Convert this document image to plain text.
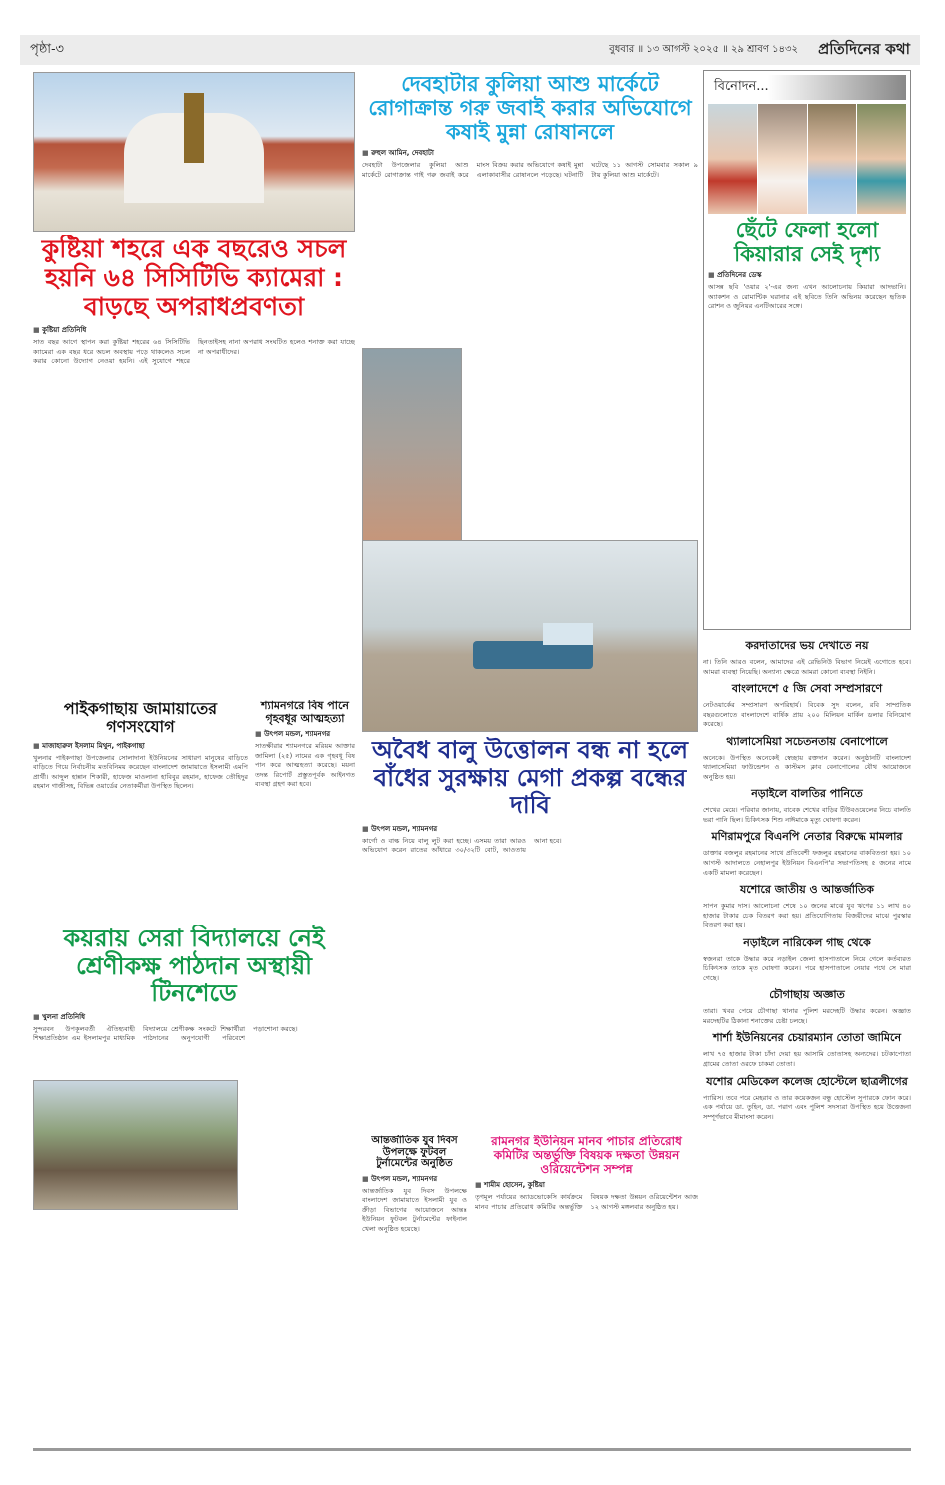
পৃষ্ঠা-৩	বুধবার ॥ ১৩ আগস্ট ২০২৫ ॥ ২৯ শ্রাবণ ১৪৩২ প্রতিদিনের কথা
কুষ্টিয়া শহরে এক বছরেও সচল হয়নি ৬৪ সিসিটিভি ক্যামেরা : বাড়ছে অপরাধপ্রবণতা
■ কুষ্টিয়া প্রতিনিধি
সাত বছর আগে স্থাপন করা কুষ্টিয়া শহরের ৬৪ সিসিটিভি ক্যামেরা এক বছর ধরে অচল অবস্থায় পড়ে থাকলেও সচল করার কোনো উদ্যোগ নেওয়া হয়নি। এই সুযোগে শহরে ছিনতাইসহ নানা অপরাধ সংঘটিত হলেও শনাক্ত করা যাচ্ছে না অপরাধীদের।
দেবহাটার কুলিয়া আশু মার্কেটে রোগাক্রান্ত গরু জবাই করার অভিযোগে কষাই মুন্না রোষানলে
■ রুহুল আমিন, দেবহাটা
দেবহাটা উপজেলার কুলিয়া আশু মার্কেটে রোগাক্রান্ত গাই গরু জবাই করে মাংস বিক্রয় করার অভিযোগে কষাই মুন্না এলাকাবাসীর রোষানলে পড়েছে। ঘটনাটি ঘটেছে ১১ আগস্ট সোমবার সকাল ৯ টায় কুলিয়া আশু মার্কেটে।
অবৈধ বালু উত্তোলন বন্ধ না হলে বাঁধের সুরক্ষায় মেগা প্রকল্প বন্ধের দাবি
■ উৎপল মন্ডল, শ্যামনগর
কার্গো ও বাল্ক নিয়ে বালু লুট করা হচ্ছে। এসময় তারা আরও অভিযোগ করেন রাতের আঁধারে ৩০/৩২টি বোট, আওতায় আনা হবে।
পাইকগাছায় জামায়াতের গণসংযোগ
■ মাজাহারুল ইসলাম মিথুন, পাইকগাছা
খুলনার পাইকগাছা উপজেলার সোলাদানা ইউনিয়নের সাধারণ মানুষের বাড়িতে বাড়িতে গিয়ে নির্বাচনীয় মতবিনিময় করেছেন বাংলাদেশ জামায়াতে ইসলামী এমপি প্রার্থী। আব্দুল হান্নান শিকারী, হাফেজ মাওলানা হাবিবুর রহমান, হাফেজ তৌহিদুর রহমান গাজীসহ, বিভিন্ন ওয়ার্ডের নেতাকর্মীরা উপস্থিত ছিলেন।
শ্যামনগরে বিষ পানে গৃহবধূর আত্মহত্যা
■ উৎপল মন্ডল, শ্যামনগর
সাতক্ষীরার শ্যামনগরে মরিয়ম আক্তার জামিলা (২৫) নামের এক গৃহবধূ বিষ পান করে আত্মহত্যা করেছে। ময়না তদন্ত রিপোর্ট প্রস্তুতপূর্বক আইনগত ব্যবস্থা গ্রহণ করা হবে।
কয়রায় সেরা বিদ্যালয়ে নেই শ্রেণীকক্ষ পাঠদান অস্থায়ী টিনশেডে
■ খুলনা প্রতিনিধি
সুন্দরবন উপকূলবর্তী ঐতিহ্যবাহী শিক্ষাপ্রতিষ্ঠান এম ইসলামপুর মাধ্যমিক বিদ্যালয়ে শ্রেণীকক্ষ সংকটে শিক্ষার্থীরা পাঠদানের অনুপযোগী পরিবেশে পড়াশোনা করছে।
আন্তর্জাতিক যুব দিবস উপলক্ষে ফুটবল টুর্নামেন্টের অনুষ্ঠিত
■ উৎপল মন্ডল, শ্যামনগর
আন্তর্জাতিক যুব দিবস উপলক্ষে বাংলাদেশ জামায়াতে ইসলামী যুব ও ক্রীড়া বিভাগের আয়োজনে আন্তঃ ইউনিয়ন ফুটবল টুর্নামেন্টের ফাইনাল খেলা অনুষ্ঠিত হয়েছে।
রামনগর ইউনিয়ন মানব পাচার প্রতিরোধ কমিটির অন্তর্ভুক্তি বিষয়ক দক্ষতা উন্নয়ন ওরিয়েন্টেশন সম্পন্ন
■ শামীম হোসেন, কুষ্টিয়া
তৃণমূল পর্যায়ের অ্যাডভোকেসি কার্যক্রমে মানব পাচার প্রতিরোধ কমিটির অন্তর্ভুক্তি বিষয়ক দক্ষতা উন্নয়ন ওরিয়েন্টেশন আজ ১২ আগস্ট মঙ্গলবার অনুষ্ঠিত হয়।
বিনোদন...
ছেঁটে ফেলা হলো কিয়ারার সেই দৃশ্য
■ প্রতিদিনের ডেস্ক
আসন্ন ছবি 'ওয়ার ২'-এর জন্য এখন আলোচনায় কিয়ারা আদভানি। অ্যাকশন ও রোমান্টিক ঘরানার এই ছবিতে তিনি অভিনয় করেছেন হৃতিক রোশন ও জুনিয়র এনটিআরের সঙ্গে।
করদাতাদের ভয় দেখাতে নয়
না। তিনি আরও বলেন, আমাদের এই রেভিনিউ বিভাগ নিয়েই এগোতে হবে। আমরা ব্যবস্থা নিয়েছি। অন্যান্য ক্ষেত্রে আমরা কোনো ব্যবস্থা নিইনি।
বাংলাদেশে ৫ জি সেবা সম্প্রসারণে
নেটওয়ার্কের সম্প্রসারণ অপরিহার্য। বিবেক সুদ বলেন, রবি সাম্প্রতিক বছরগুলোতে বাংলাদেশে বার্ষিক প্রায় ২০০ মিলিয়ন মার্কিন ডলার বিনিয়োগ করেছে।
থ্যালাসেমিয়া সচেতনতায় বেনাপোলে
অনেকে। উপস্থিত অনেকেই স্বেচ্ছায় রক্তদান করেন। অনুষ্ঠানটি বাংলাদেশ থ্যালাসেমিয়া ফাউন্ডেশন ও কাস্টমস ক্লাব বেনাপোলের যৌথ আয়োজনে অনুষ্ঠিত হয়।
নড়াইলে বালতির পানিতে
শেখের মেয়ে। পরিবার জানায়, বাবেক শেখের বাড়ির টিউবওয়েলের নিচে বালতি ভরা পানি ছিল। চিকিৎসক শিশু নাঈমাকে মৃত্যু ঘোষণা করেন।
মণিরামপুরে বিএনপি নেতার বিরুদ্ধে মামলার
ডাক্তার বজলুর রহমানের সাথে প্রতিবেশী ফজলুর রহমানের বাকবিতণ্ডা হয়। ১০ আগস্ট আদালতে নেহালপুর ইউনিয়ন বিএনপি'র সভাপতিসহ ৫ জনের নামে একটি মামলা করেছেন।
যশোরে জাতীয় ও আন্তর্জাতিক
সাপন কুমার দাস। আলোচনা শেষে ১০ জনের মাঝে যুব ঋণের ১১ লাখ ৪০ হাজার টাকার চেক বিতরণ করা হয়। প্রতিযোগিতায় বিজয়ীদের মাঝে পুরস্কার বিতরণ করা হয়।
নড়াইলে নারিকেল গাছ থেকে
স্বজনরা তাকে উদ্ধার করে নড়াইল জেলা হাসপাতালে নিয়ে গেলে কর্তব্যরত চিকিৎসক তাকে মৃত ঘোষণা করেন। পরে হাসপাতালে নেয়ার পথে সে মারা গেছে।
চৌগাছায় অজ্ঞাত
তারা। খবর পেয়ে চৌগাছা থানার পুলিশ মরদেহটি উদ্ধার করেন। অজ্ঞাত মরদেহটির ঠিকানা শনাক্তের চেষ্টা চলছে।
শার্শা ইউনিয়নের চেয়ারম্যান তোতা জামিনে
লাখ ৭৫ হাজার টাকা চাঁদা দেয়া হয় আসামি তোতাসহ অন্যদের। চটকাপোতা গ্রামের তোতা ওরফে চাকমা তোতা।
যশোর মেডিকেল কলেজ হোস্টেলে ছাত্রলীগের
প্যারিস। তবে পরে মেহরাব ও তার কয়েকজন বন্ধু হোস্টেল সুপারকে ফোন করে। এক পর্যায়ে ডা. তুহিন, ডা. পরাগ এবং পুলিশ সদস্যরা উপস্থিত হয়ে উত্তেজনা সম্পূর্ণভাবে মীমাংসা করেন।
